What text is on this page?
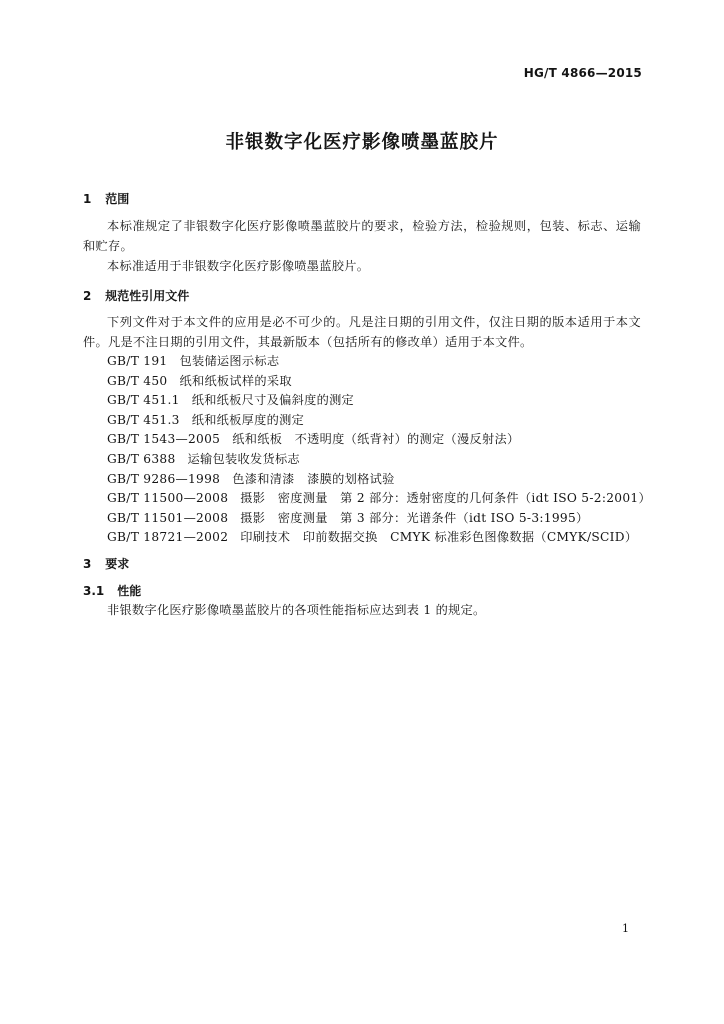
HG/T 4866—2015
非银数字化医疗影像喷墨蓝胶片
1 范围
本标准规定了非银数字化医疗影像喷墨蓝胶片的要求，检验方法，检验规则，包装、标志、运输和贮存。
本标准适用于非银数字化医疗影像喷墨蓝胶片。
2 规范性引用文件
下列文件对于本文件的应用是必不可少的。凡是注日期的引用文件，仅注日期的版本适用于本文件。凡是不注日期的引用文件，其最新版本（包括所有的修改单）适用于本文件。
GB/T 191 包装储运图示标志
GB/T 450 纸和纸板试样的采取
GB/T 451.1 纸和纸板尺寸及偏斜度的测定
GB/T 451.3 纸和纸板厚度的测定
GB/T 1543—2005 纸和纸板　不透明度（纸背衬）的测定（漫反射法）
GB/T 6388 运输包装收发货标志
GB/T 9286—1998 色漆和清漆　漆膜的划格试验
GB/T 11500—2008 摄影　密度测量　第 2 部分：透射密度的几何条件（idt ISO 5-2:2001）
GB/T 11501—2008 摄影　密度测量　第 3 部分：光谱条件（idt ISO 5-3:1995）
GB/T 18721—2002 印刷技术　印前数据交换　CMYK 标准彩色图像数据（CMYK/SCID）
3 要求
3.1 性能
非银数字化医疗影像喷墨蓝胶片的各项性能指标应达到表 1 的规定。
1
